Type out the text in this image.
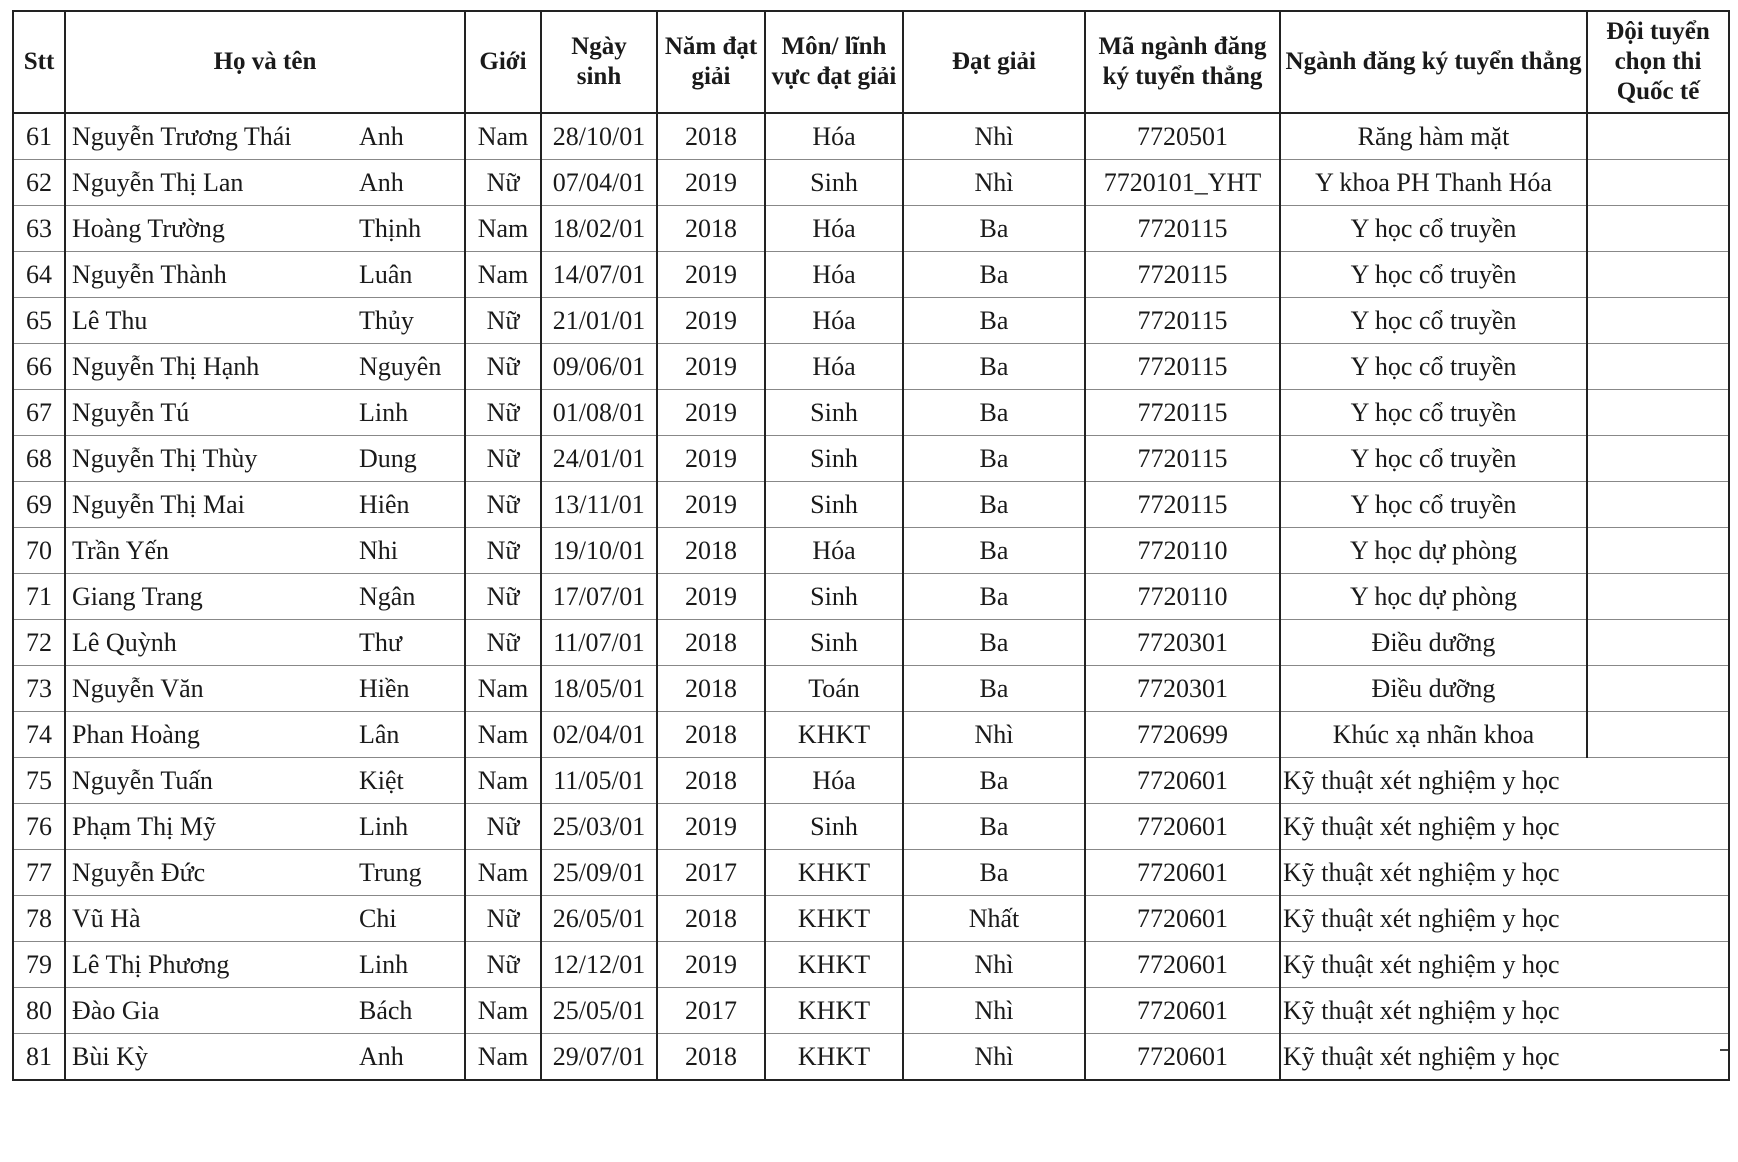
Stt	Họ và tên		Giới	Ngày sinh	Năm đạt giải	Môn/ lĩnh vực đạt giải	Đạt giải	Mã ngành đăng ký tuyển thẳng	Ngành đăng ký tuyển thẳng	Đội tuyển chọn thi Quốc tế
61	Nguyễn Trương Thái	Anh	Nam	28/10/01	2018	Hóa	Nhì	7720501	Răng hàm mặt	
62	Nguyễn Thị Lan	Anh	Nữ	07/04/01	2019	Sinh	Nhì	7720101_YHT	Y khoa PH Thanh Hóa	
63	Hoàng Trường	Thịnh	Nam	18/02/01	2018	Hóa	Ba	7720115	Y học cổ truyền	
64	Nguyễn Thành	Luân	Nam	14/07/01	2019	Hóa	Ba	7720115	Y học cổ truyền	
65	Lê Thu	Thủy	Nữ	21/01/01	2019	Hóa	Ba	7720115	Y học cổ truyền	
66	Nguyễn Thị Hạnh	Nguyên	Nữ	09/06/01	2019	Hóa	Ba	7720115	Y học cổ truyền	
67	Nguyễn Tú	Linh	Nữ	01/08/01	2019	Sinh	Ba	7720115	Y học cổ truyền	
68	Nguyễn Thị Thùy	Dung	Nữ	24/01/01	2019	Sinh	Ba	7720115	Y học cổ truyền	
69	Nguyễn Thị Mai	Hiên	Nữ	13/11/01	2019	Sinh	Ba	7720115	Y học cổ truyền	
70	Trần Yến	Nhi	Nữ	19/10/01	2018	Hóa	Ba	7720110	Y học dự phòng	
71	Giang Trang	Ngân	Nữ	17/07/01	2019	Sinh	Ba	7720110	Y học dự phòng	
72	Lê Quỳnh	Thư	Nữ	11/07/01	2018	Sinh	Ba	7720301	Điều dưỡng	
73	Nguyễn Văn	Hiền	Nam	18/05/01	2018	Toán	Ba	7720301	Điều dưỡng	
74	Phan Hoàng	Lân	Nam	02/04/01	2018	KHKT	Nhì	7720699	Khúc xạ nhãn khoa	
75	Nguyễn Tuấn	Kiệt	Nam	11/05/01	2018	Hóa	Ba	7720601	Kỹ thuật xét nghiệm y học	
76	Phạm Thị Mỹ	Linh	Nữ	25/03/01	2019	Sinh	Ba	7720601	Kỹ thuật xét nghiệm y học	
77	Nguyễn Đức	Trung	Nam	25/09/01	2017	KHKT	Ba	7720601	Kỹ thuật xét nghiệm y học	
78	Vũ Hà	Chi	Nữ	26/05/01	2018	KHKT	Nhất	7720601	Kỹ thuật xét nghiệm y học	
79	Lê Thị Phương	Linh	Nữ	12/12/01	2019	KHKT	Nhì	7720601	Kỹ thuật xét nghiệm y học	
80	Đào Gia	Bách	Nam	25/05/01	2017	KHKT	Nhì	7720601	Kỹ thuật xét nghiệm y học	
81	Bùi Kỳ	Anh	Nam	29/07/01	2018	KHKT	Nhì	7720601	Kỹ thuật xét nghiệm y học	
